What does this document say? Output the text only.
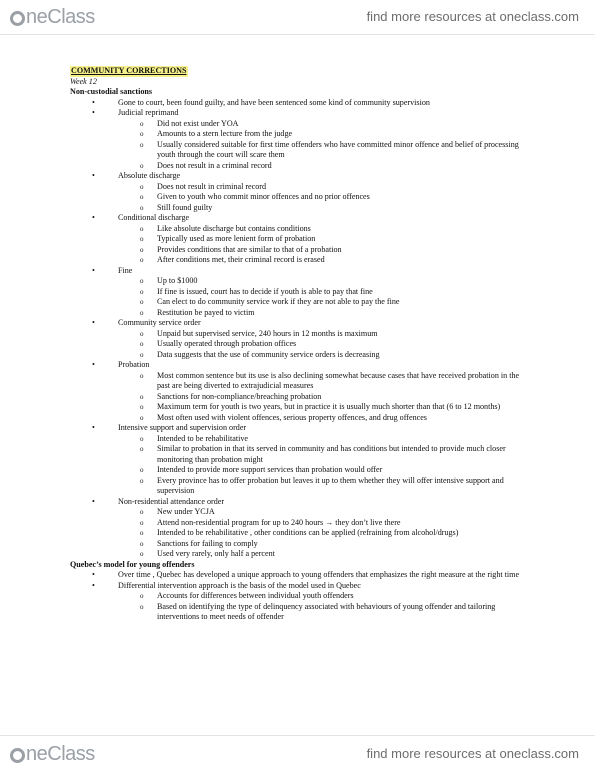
neClass	find more resources at oneclass.com
COMMUNITY CORRECTIONS
Week 12
Non-custodial sanctions
• Gone to court, been found guilty, and have been sentenced some kind of community supervision
• Judicial reprimand
o Did not exist under YOA
o Amounts to a stern lecture from the judge
o Usually considered suitable for first time offenders who have committed minor offence and belief of processing youth through the court will scare them
o Does not result in a criminal record
• Absolute discharge
o Does not result in criminal record
o Given to youth who commit minor offences and no prior offences
o Still found guilty
• Conditional discharge
o Like absolute discharge but contains conditions
o Typically used as more lenient form of probation
o Provides conditions that are similar to that of a probation
o After conditions met, their criminal record is erased
• Fine
o Up to $1000
o If fine is issued, court has to decide if youth is able to pay that fine
o Can elect to do community service work if they are not able to pay the fine
o Restitution be payed to victim
• Community service order
o Unpaid but supervised service, 240 hours in 12 months is maximum
o Usually operated through probation offices
o Data suggests that the use of community service orders is decreasing
• Probation
o Most common sentence but its use is also declining somewhat because cases that have received probation in the past are being diverted to extrajudicial measures
o Sanctions for non-compliance/breaching probation
o Maximum term for youth is two years, but in practice it is usually much shorter than that (6 to 12 months)
o Most often used with violent offences, serious property offences, and drug offences
• Intensive support and supervision order
o Intended to be rehabilitative
o Similar to probation in that its served in community and has conditions but intended to provide much closer monitoring than probation might
o Intended to provide more support services than probation would offer
o Every province has to offer probation but leaves it up to them whether they will offer intensive support and supervision
• Non-residential attendance order
o New under YCJA
o Attend non-residential program for up to 240 hours → they don’t live there
o Intended to be rehabilitative , other conditions can be applied (refraining from alcohol/drugs)
o Sanctions for failing to comply
o Used very rarely, only half a percent
Quebec’s model for young offenders
• Over time , Quebec has developed a unique approach to young offenders that emphasizes the right measure at the right time
• Differential intervention approach is the basis of the model used in Quebec
o Accounts for differences between individual youth offenders
o Based on identifying the type of delinquency associated with behaviours of young offender and tailoring interventions to meet needs of offender
neClass	find more resources at oneclass.com
